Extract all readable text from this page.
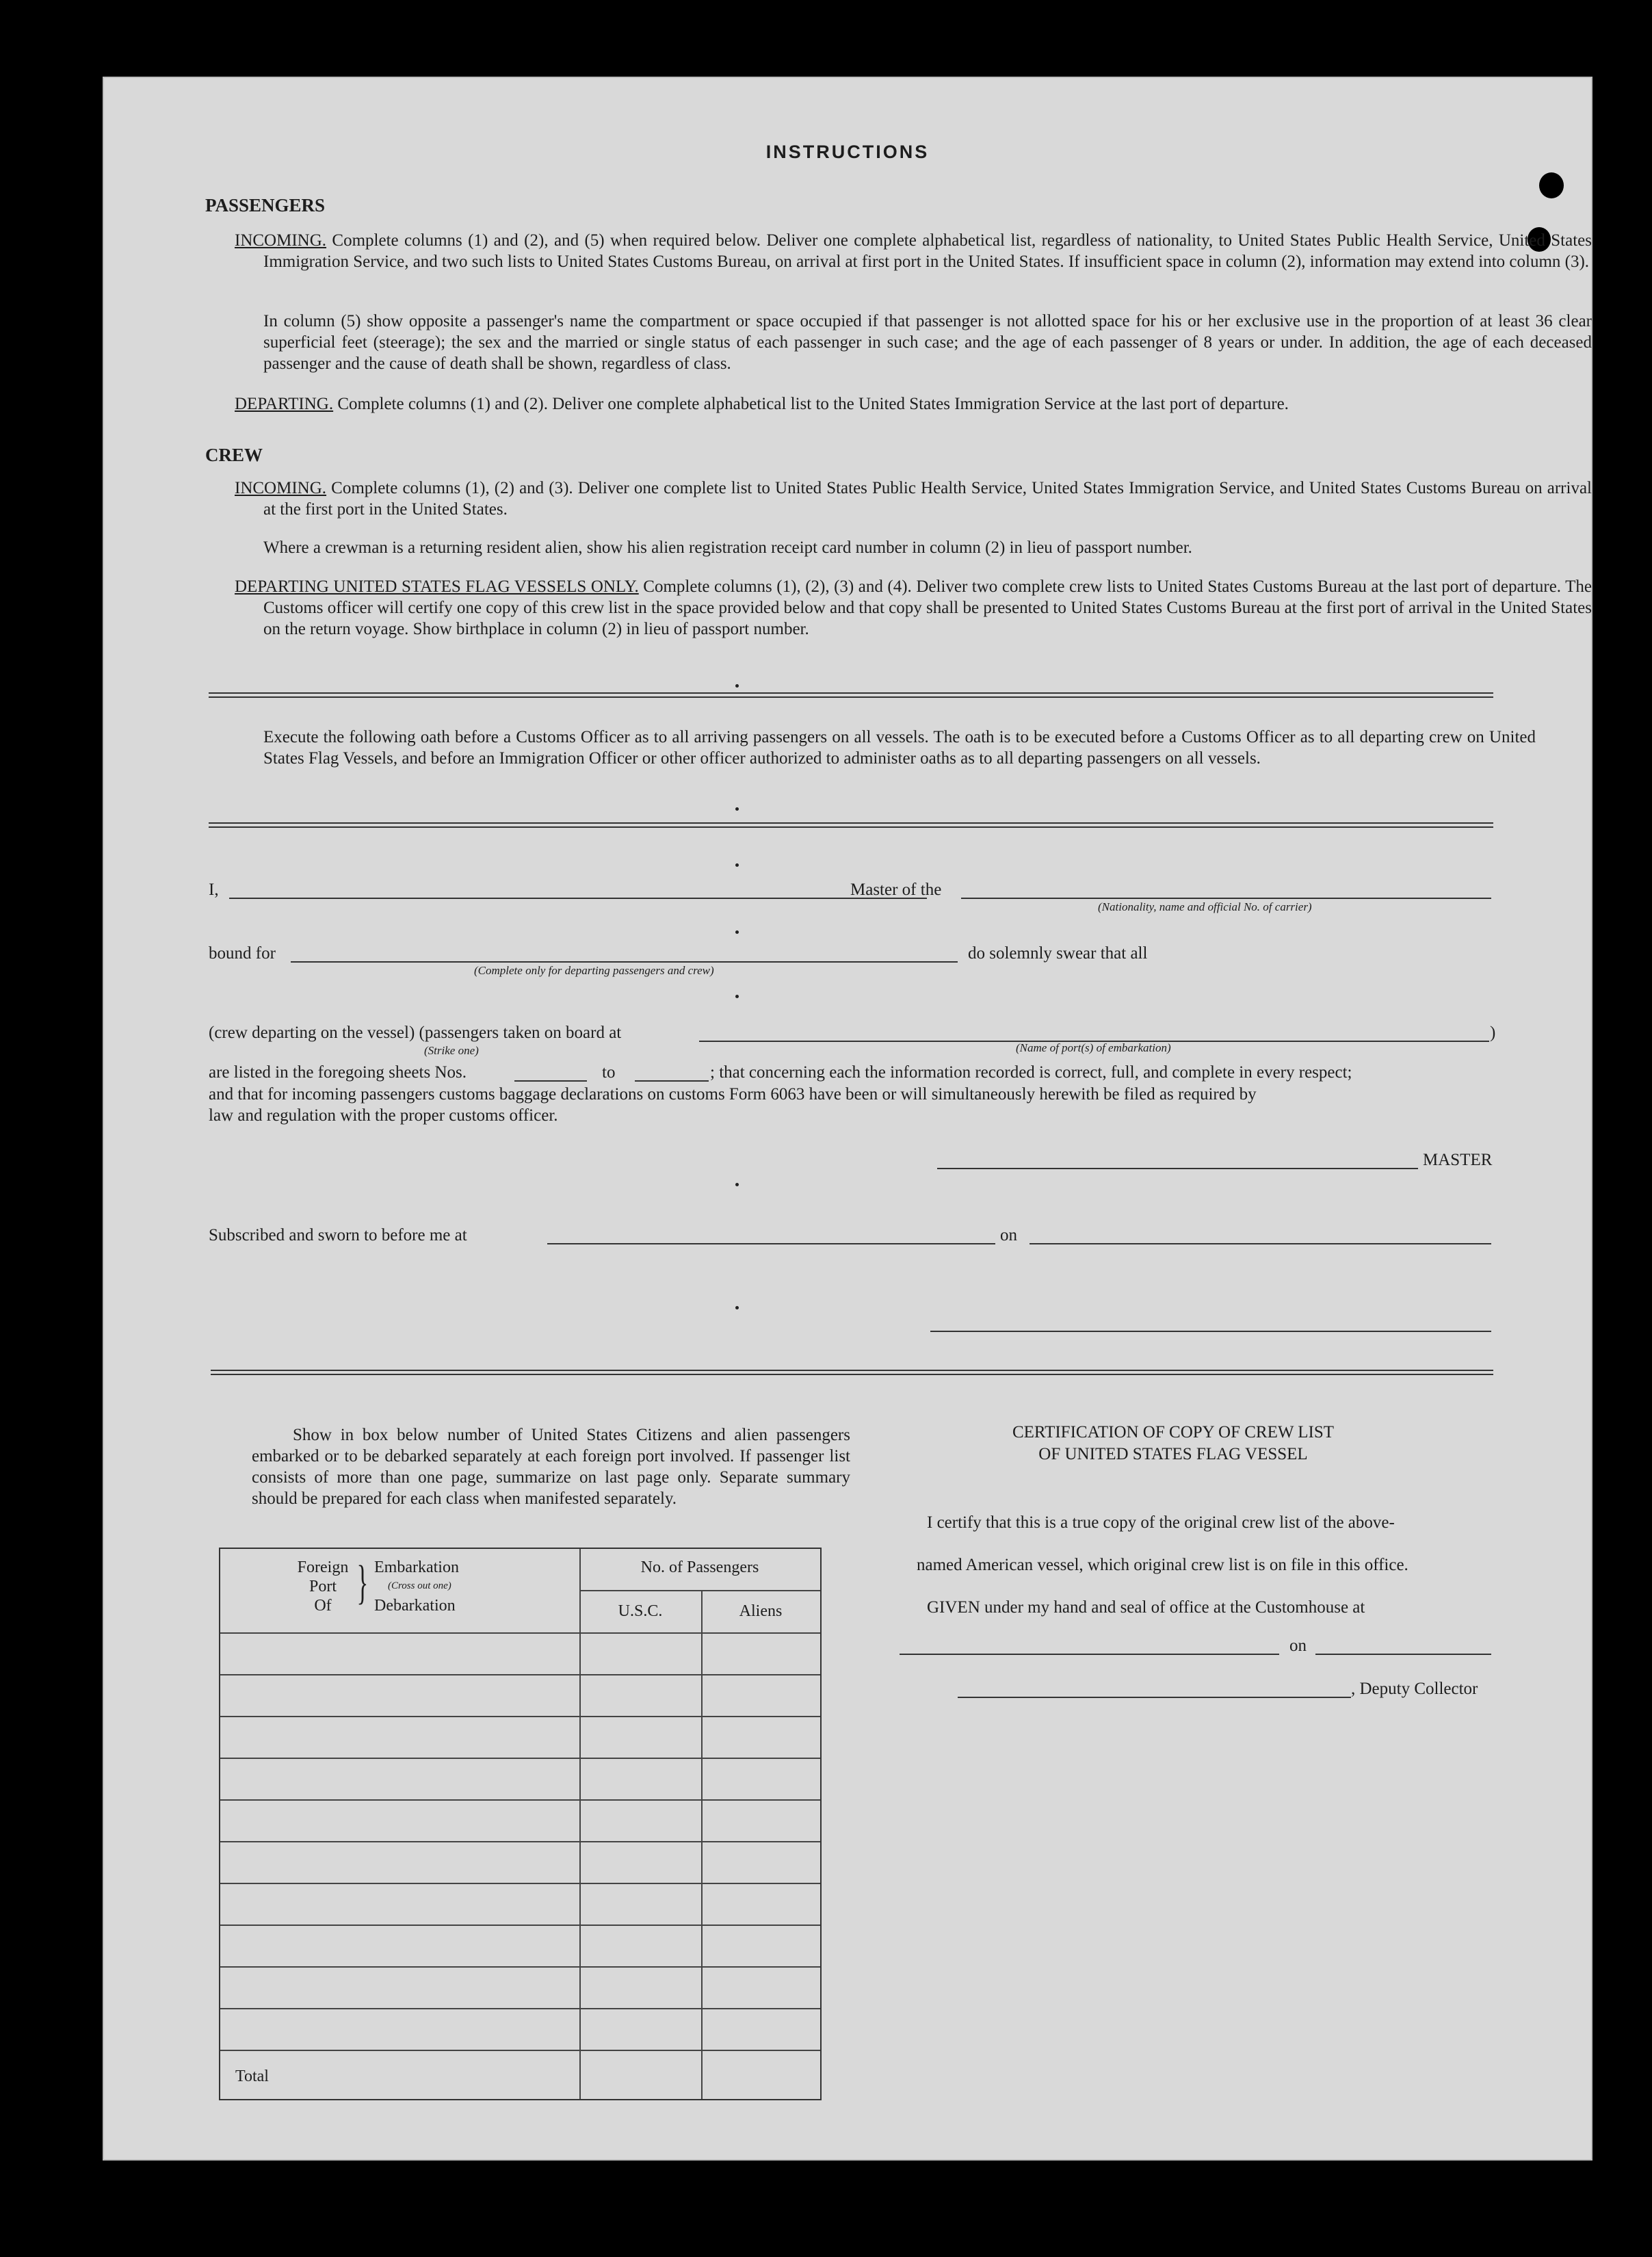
INSTRUCTIONS
PASSENGERS
INCOMING. Complete columns (1) and (2), and (5) when required below. Deliver one complete alphabetical list, regardless of nationality, to United States Public Health Service, United States Immigration Service, and two such lists to United States Customs Bureau, on arrival at first port in the United States. If insufficient space in column (2), information may extend into column (3).
In column (5) show opposite a passenger's name the compartment or space occupied if that passenger is not allotted space for his or her exclusive use in the proportion of at least 36 clear superficial feet (steerage); the sex and the married or single status of each passenger in such case; and the age of each passenger of 8 years or under. In addition, the age of each deceased passenger and the cause of death shall be shown, regardless of class.
DEPARTING. Complete columns (1) and (2). Deliver one complete alphabetical list to the United States Immigration Service at the last port of departure.
CREW
INCOMING. Complete columns (1), (2) and (3). Deliver one complete list to United States Public Health Service, United States Immigration Service, and United States Customs Bureau on arrival at the first port in the United States.
Where a crewman is a returning resident alien, show his alien registration receipt card number in column (2) in lieu of passport number.
DEPARTING UNITED STATES FLAG VESSELS ONLY. Complete columns (1), (2), (3) and (4). Deliver two complete crew lists to United States Customs Bureau at the last port of departure. The Customs officer will certify one copy of this crew list in the space provided below and that copy shall be presented to United States Customs Bureau at the first port of arrival in the United States on the return voyage. Show birthplace in column (2) in lieu of passport number.
Execute the following oath before a Customs Officer as to all arriving passengers on all vessels. The oath is to be executed before a Customs Officer as to all departing crew on United States Flag Vessels, and before an Immigration Officer or other officer authorized to administer oaths as to all departing passengers on all vessels.
I,	Master of the
(Nationality, name and official No. of carrier)
bound for	do solemnly swear that all
(Complete only for departing passengers and crew)
(crew departing on the vessel) (passengers taken on board at	)
(Strike one)	(Name of port(s) of embarkation)
are listed in the foregoing sheets Nos.	to	; that concerning each the information recorded is correct, full, and complete in every respect;
and that for incoming passengers customs baggage declarations on customs Form 6063 have been or will simultaneously herewith be filed as required by
law and regulation with the proper customs officer.
MASTER
Subscribed and sworn to before me at	on
Show in box below number of United States Citizens and alien passengers embarked or to be debarked separately at each foreign port involved. If passenger list consists of more than one page, summarize on last page only. Separate summary should be prepared for each class when manifested separately.
Foreign
Port
Of } Embarkation
(Cross out one)
Debarkation
No. of Passengers
U.S.C.	Aliens
Total
CERTIFICATION OF COPY OF CREW LIST
OF UNITED STATES FLAG VESSEL
I certify that this is a true copy of the original crew list of the above-
named American vessel, which original crew list is on file in this office.
GIVEN under my hand and seal of office at the Customhouse at
on
, Deputy Collector
